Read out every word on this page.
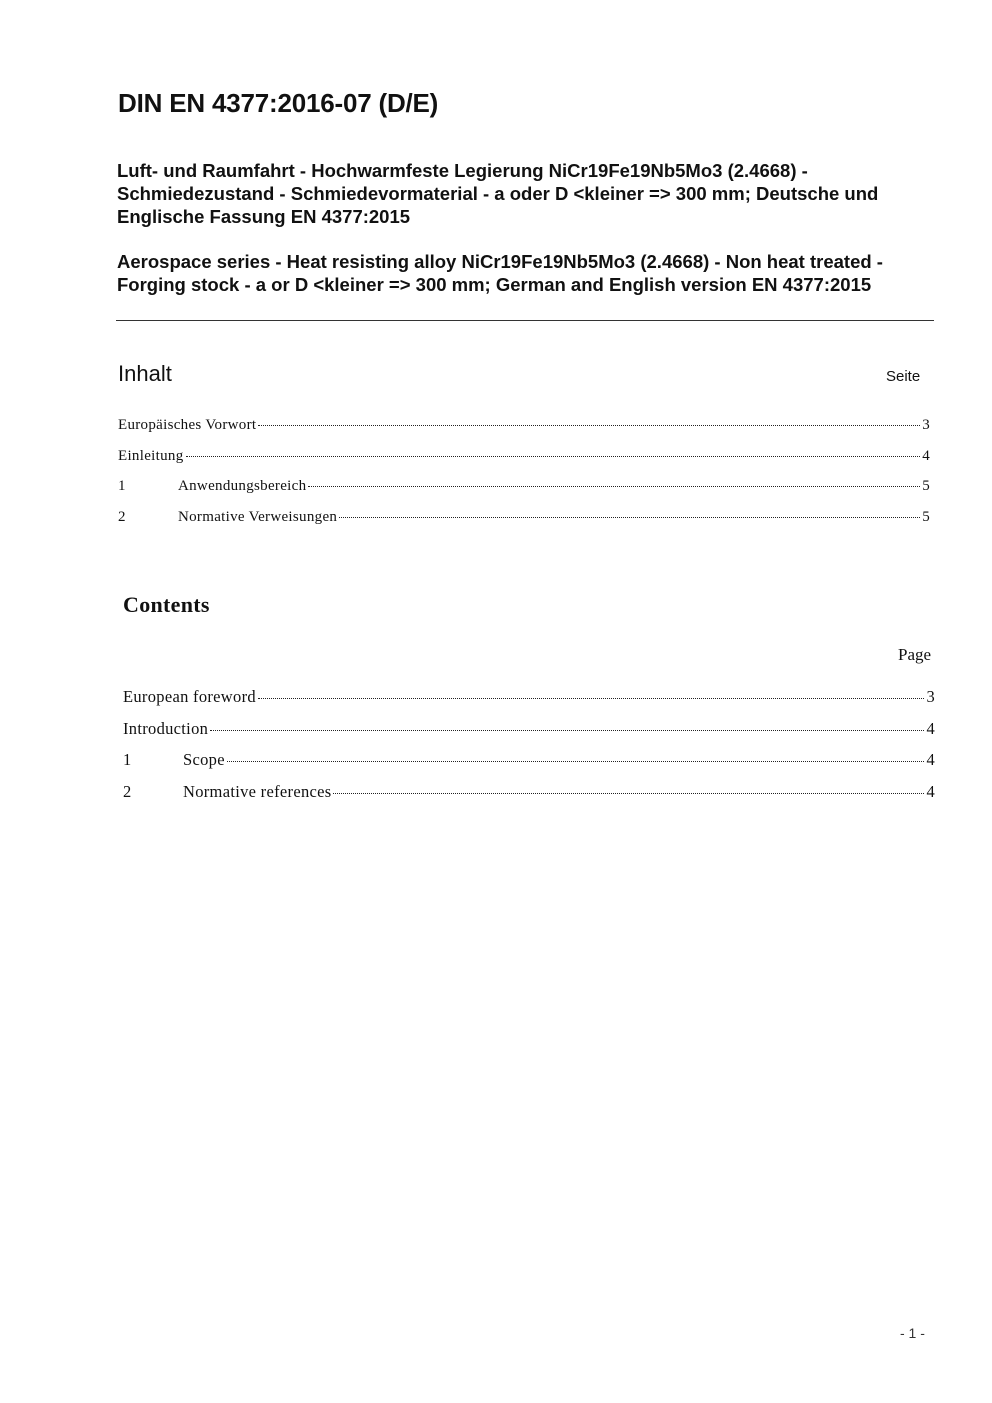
DIN EN 4377:2016-07 (D/E)
Luft- und Raumfahrt - Hochwarmfeste Legierung NiCr19Fe19Nb5Mo3 (2.4668) - Schmiedezustand - Schmiedevormaterial - a oder D <kleiner => 300 mm; Deutsche und Englische Fassung EN 4377:2015
Aerospace series - Heat resisting alloy NiCr19Fe19Nb5Mo3 (2.4668) - Non heat treated - Forging stock - a or D <kleiner => 300 mm; German and English version EN 4377:2015
Inhalt	Seite
Europäisches Vorwort	3
Einleitung	4
1	Anwendungsbereich	5
2	Normative Verweisungen	5
Contents
Page
European foreword	3
Introduction	4
1	Scope	4
2	Normative references	4
- 1 -
